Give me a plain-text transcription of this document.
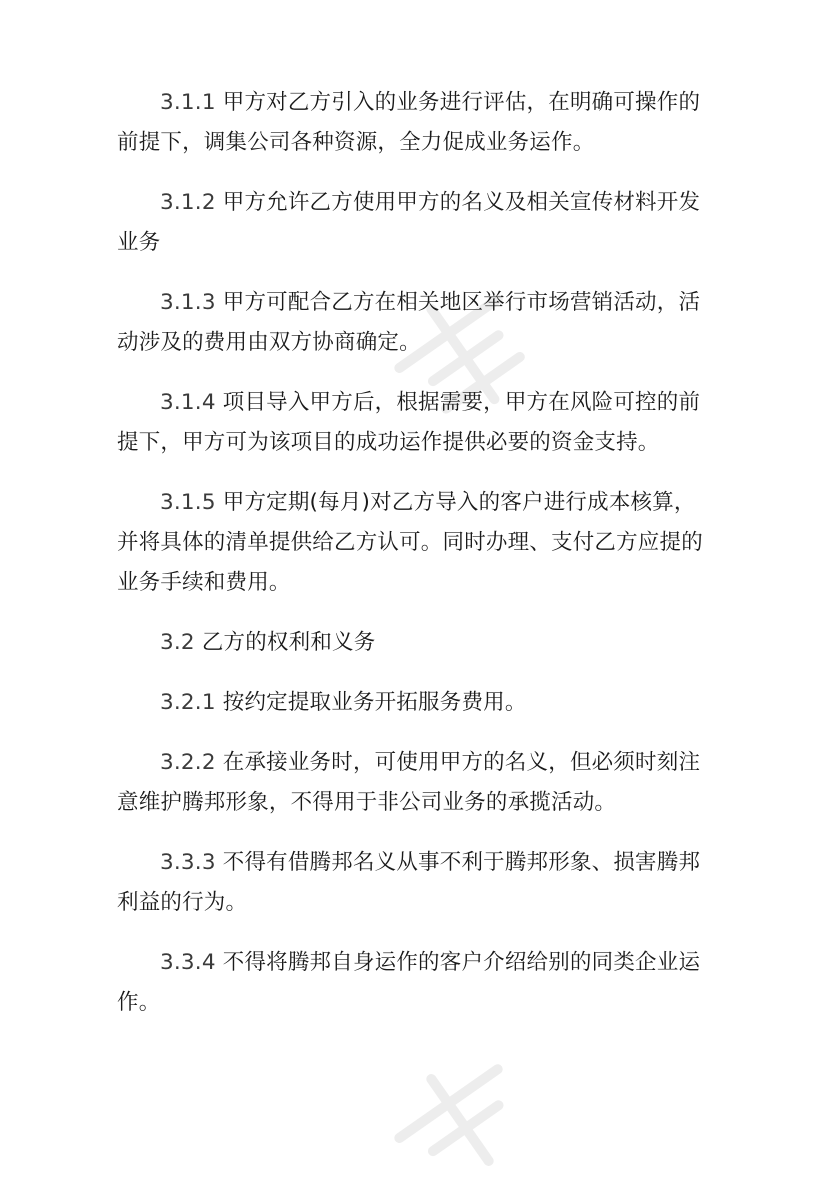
3.1.1 甲方对乙方引入的业务进行评估，在明确可操作的前提下，调集公司各种资源，全力促成业务运作。

3.1.2 甲方允许乙方使用甲方的名义及相关宣传材料开发业务

3.1.3 甲方可配合乙方在相关地区举行市场营销活动，活动涉及的费用由双方协商确定。

3.1.4 项目导入甲方后，根据需要，甲方在风险可控的前提下，甲方可为该项目的成功运作提供必要的资金支持。

3.1.5 甲方定期(每月)对乙方导入的客户进行成本核算，并将具体的清单提供给乙方认可。同时办理、支付乙方应提的业务手续和费用。

3.2 乙方的权利和义务

3.2.1 按约定提取业务开拓服务费用。

3.2.2 在承接业务时，可使用甲方的名义，但必须时刻注意维护腾邦形象，不得用于非公司业务的承揽活动。

3.3.3 不得有借腾邦名义从事不利于腾邦形象、损害腾邦利益的行为。

3.3.4 不得将腾邦自身运作的客户介绍给别的同类企业运作。
